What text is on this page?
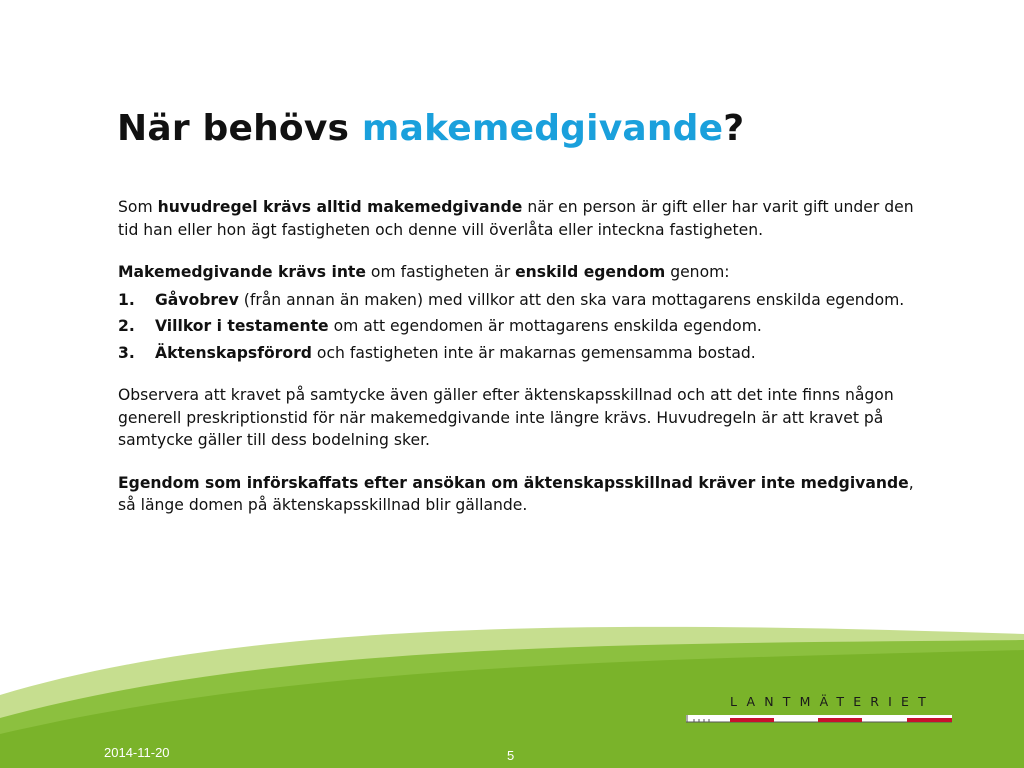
När behövs makemedgivande?

Som huvudregel krävs alltid makemedgivande när en person är gift eller har varit gift under den tid han eller hon ägt fastigheten och denne vill överlåta eller inteckna fastigheten.

Makemedgivande krävs inte om fastigheten är enskild egendom genom:

1. Gåvobrev (från annan än maken) med villkor att den ska vara mottagarens enskilda egendom.
2. Villkor i testamente om att egendomen är mottagarens enskilda egendom.
3. Äktenskapsförord och fastigheten inte är makarnas gemensamma bostad.

Observera att kravet på samtycke även gäller efter äktenskapsskillnad och att det inte finns någon generell preskriptionstid för när makemedgivande inte längre krävs. Huvudregeln är att kravet på samtycke gäller till dess bodelning sker.

Egendom som införskaffats efter ansökan om äktenskapsskillnad kräver inte medgivande, så länge domen på äktenskapsskillnad blir gällande.

LANTMÄTERIET
2014-11-20	5
